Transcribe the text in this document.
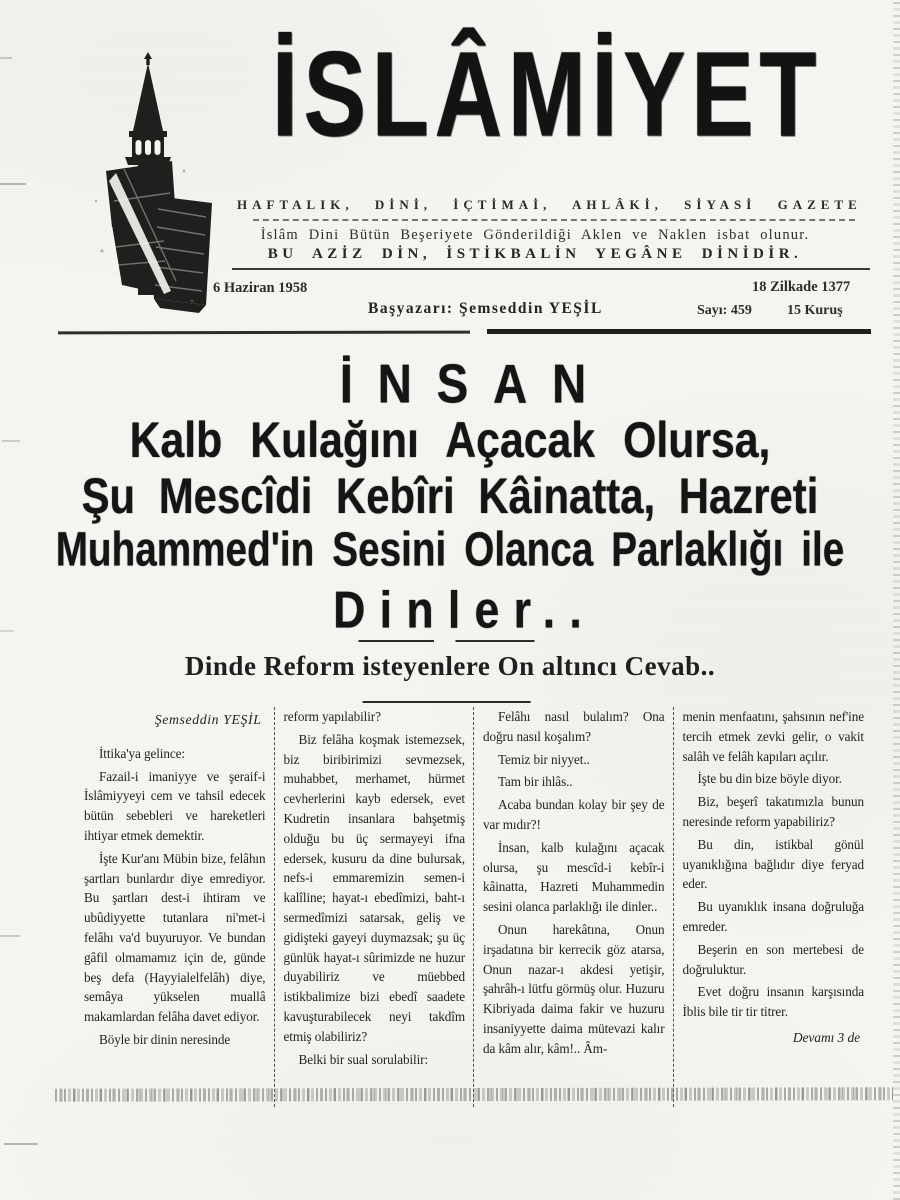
İSLÂMİYET
HAFTALIK, DİNİ, İÇTİMAİ, AHLÂKİ, SİYASİ GAZETE
İslâm Dini Bütün Beşeriyete Gönderildiği Aklen ve Naklen isbat olunur.
BU AZİZ DİN, İSTİKBALİN YEGÂNE DİNİDİR.
6 Haziran 1958	18 Zilkade 1377
Başyazarı: Şemseddin YEŞİL	Sayı: 459	15 Kuruş
İNSAN
Kalb Kulağını Açacak Olursa,
Şu Mescîdi Kebîri Kâinatta, Hazreti
Muhammed'in Sesini Olanca Parlaklığı ile
Dinler..
Dinde Reform isteyenlere On altıncı Cevab..
Şemseddin YEŞİL

İttika'ya gelince:

Fazail-i imaniyye ve şeraif-i İslâmiyyeyi cem ve tahsil edecek bütün sebebleri ve hareketleri ihtiyar etmek demektir.

İşte Kur'anı Mübin bize, felâhın şartları bunlardır diye emrediyor. Bu şartları dest-i ihtiram ve ubûdiyyette tutanlara ni'met-i felâhı va'd buyuruyor. Ve bundan gâfil olmamamız için de, günde beş defa (Hayyialelfelâh) diye, semâya yükselen muallâ makamlardan felâha davet ediyor.

Böyle bir dinin neresinde

reform yapılabilir?

Biz felâha koşmak istemezsek, biz biribirimizi sevmezsek, muhabbet, merhamet, hürmet cevherlerini kayb edersek, evet Kudretin insanlara bahşetmiş olduğu bu üç sermayeyi ifna edersek, kusuru da dine bulursak, nefs-i emmaremizin semen-i kalîline; hayat-ı ebedîmizi, baht-ı sermedîmizi satarsak, geliş ve gidişteki gayeyi duymazsak; şu üç günlük hayat-ı sûrimizde ne huzur duyabiliriz ve müebbed istikbalimize bizi ebedî saadete kavuşturabilecek neyi takdîm etmiş olabiliriz?

Belki bir sual sorulabilir:

Felâhı nasıl bulalım? Ona doğru nasıl koşalım?

Temiz bir niyyet..

Tam bir ihlâs..

Acaba bundan kolay bir şey de var mıdır?!

İnsan, kalb kulağını açacak olursa, şu mescîd-i kebîr-i kâinatta, Hazreti Muhammedin sesini olanca parlaklığı ile dinler..

Onun harekâtına, Onun irşadatına bir kerrecik göz atarsa, Onun nazar-ı akdesi yetişir, şahrâh-ı lütfu görmüş olur. Huzuru Kibriyada daima fakir ve huzuru insaniyyette daima mütevazi kalır da kâm alır, kâm!.. Âm-

menin menfaatını, şahsının nef'ine tercih etmek zevki gelir, o vakit salâh ve felâh kapıları açılır.

İşte bu din bize böyle diyor.

Biz, beşerî takatımızla bunun neresinde reform yapabiliriz?

Bu din, istikbal gönül uyanıklığına bağlıdır diye feryad eder.

Bu uyanıklık insana doğruluğa emreder.

Beşerin en son mertebesi de doğruluktur.

Evet doğru insanın karşısında İblis bile tir tir titrer.

Devamı 3 de
